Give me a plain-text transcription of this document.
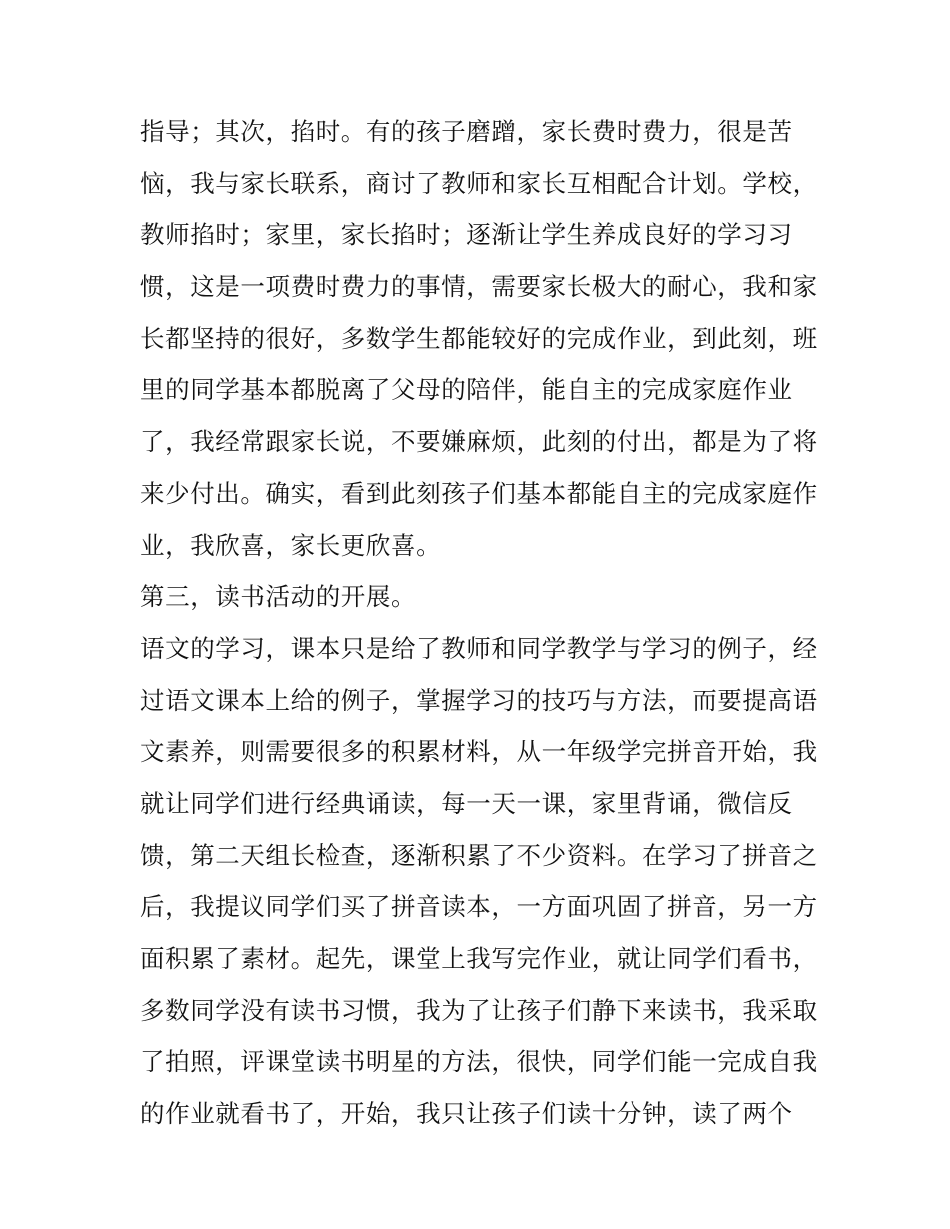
指导；其次，掐时。有的孩子磨蹭，家长费时费力，很是苦
恼，我与家长联系，商讨了教师和家长互相配合计划。学校，
教师掐时；家里，家长掐时；逐渐让学生养成良好的学习习
惯，这是一项费时费力的事情，需要家长极大的耐心，我和家
长都坚持的很好，多数学生都能较好的完成作业，到此刻，班
里的同学基本都脱离了父母的陪伴，能自主的完成家庭作业
了，我经常跟家长说，不要嫌麻烦，此刻的付出，都是为了将
来少付出。确实，看到此刻孩子们基本都能自主的完成家庭作
业，我欣喜，家长更欣喜。
第三，读书活动的开展。
语文的学习，课本只是给了教师和同学教学与学习的例子，经
过语文课本上给的例子，掌握学习的技巧与方法，而要提高语
文素养，则需要很多的积累材料，从一年级学完拼音开始，我
就让同学们进行经典诵读，每一天一课，家里背诵，微信反
馈，第二天组长检查，逐渐积累了不少资料。在学习了拼音之
后，我提议同学们买了拼音读本，一方面巩固了拼音，另一方
面积累了素材。起先，课堂上我写完作业，就让同学们看书，
多数同学没有读书习惯，我为了让孩子们静下来读书，我采取
了拍照，评课堂读书明星的方法，很快，同学们能一完成自我
的作业就看书了，开始，我只让孩子们读十分钟，读了两个
